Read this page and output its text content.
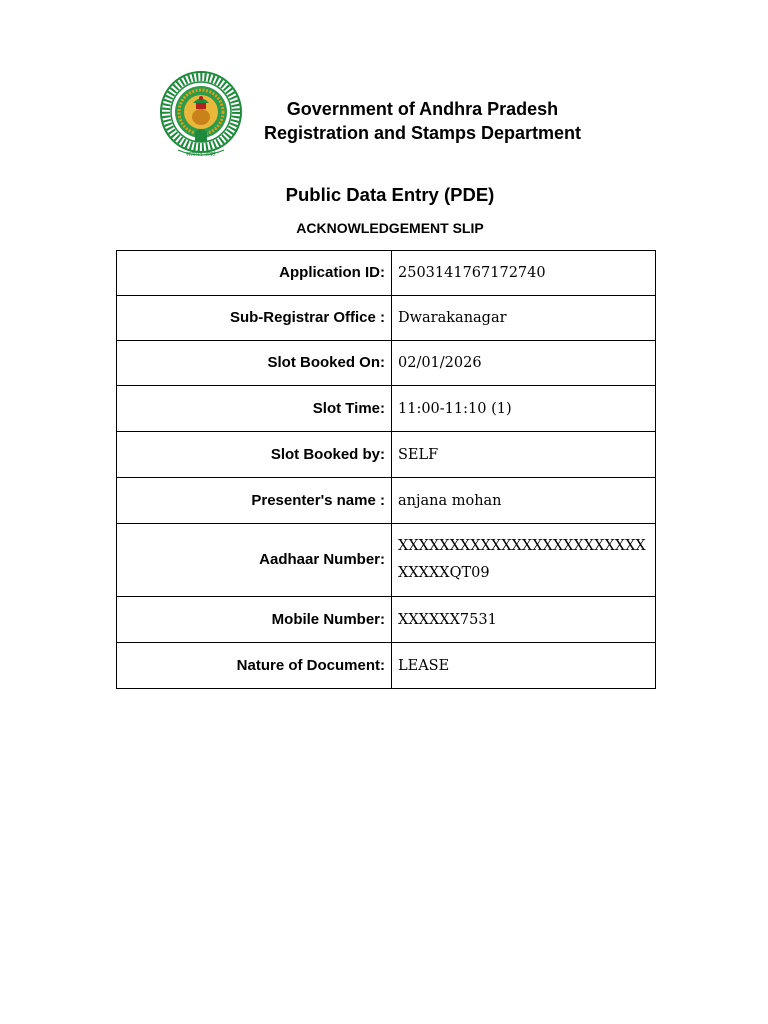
सत्यमेव जयते
Government of Andhra Pradesh
Registration and Stamps Department
Public Data Entry (PDE)
ACKNOWLEDGEMENT SLIP
Application ID:	2503141767172740
Sub-Registrar Office :	Dwarakanagar
Slot Booked On:	02/01/2026
Slot Time:	11:00-11:10 (1)
Slot Booked by:	SELF
Presenter's name :	anjana mohan
Aadhaar Number:	XXXXXXXXXXXXXXXXXXXXXXXXXXXXXQT09
Mobile Number:	XXXXXX7531
Nature of Document:	LEASE
